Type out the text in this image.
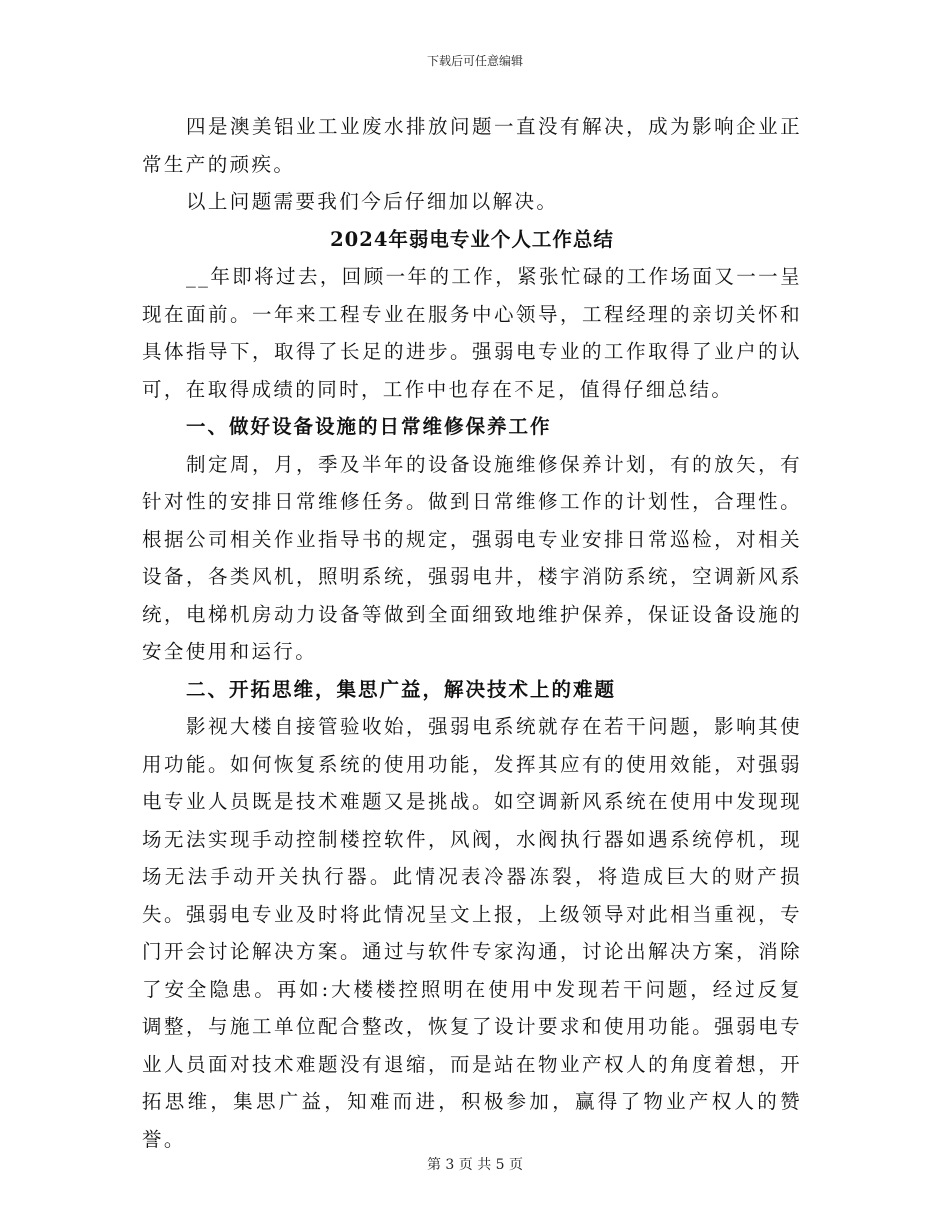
下载后可任意编辑

四是澳美铝业工业废水排放问题一直没有解决，成为影响企业正常生产的顽疾。

以上问题需要我们今后仔细加以解决。

2024年弱电专业个人工作总结

__年即将过去，回顾一年的工作，紧张忙碌的工作场面又一一呈现在面前。一年来工程专业在服务中心领导，工程经理的亲切关怀和具体指导下，取得了长足的进步。强弱电专业的工作取得了业户的认可，在取得成绩的同时，工作中也存在不足，值得仔细总结。

一、做好设备设施的日常维修保养工作

制定周，月，季及半年的设备设施维修保养计划，有的放矢，有针对性的安排日常维修任务。做到日常维修工作的计划性，合理性。根据公司相关作业指导书的规定，强弱电专业安排日常巡检，对相关设备，各类风机，照明系统，强弱电井，楼宇消防系统，空调新风系统，电梯机房动力设备等做到全面细致地维护保养，保证设备设施的安全使用和运行。

二、开拓思维，集思广益，解决技术上的难题

影视大楼自接管验收始，强弱电系统就存在若干问题，影响其使用功能。如何恢复系统的使用功能，发挥其应有的使用效能，对强弱电专业人员既是技术难题又是挑战。如空调新风系统在使用中发现现场无法实现手动控制楼控软件，风阀，水阀执行器如遇系统停机，现场无法手动开关执行器。此情况表冷器冻裂，将造成巨大的财产损失。强弱电专业及时将此情况呈文上报，上级领导对此相当重视，专门开会讨论解决方案。通过与软件专家沟通，讨论出解决方案，消除了安全隐患。再如:大楼楼控照明在使用中发现若干问题，经过反复调整，与施工单位配合整改，恢复了设计要求和使用功能。强弱电专业人员面对技术难题没有退缩，而是站在物业产权人的角度着想，开拓思维，集思广益，知难而进，积极参加，赢得了物业产权人的赞誉。

第 3 页 共 5 页
